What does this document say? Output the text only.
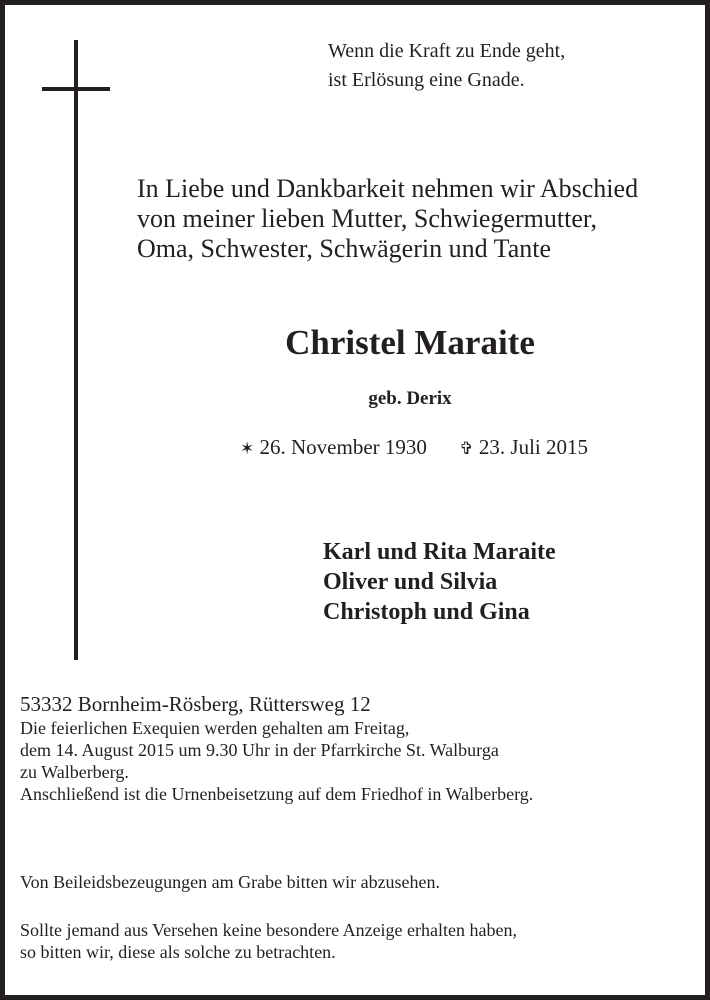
Wenn die Kraft zu Ende geht,
ist Erlösung eine Gnade.
In Liebe und Dankbarkeit nehmen wir Abschied
von meiner lieben Mutter, Schwiegermutter,
Oma, Schwester, Schwägerin und Tante
Christel Maraite
geb. Derix
✶ 26. November 1930 ✞ 23. Juli 2015
Karl und Rita Maraite
Oliver und Silvia
Christoph und Gina
53332 Bornheim-Rösberg, Rüttersweg 12
Die feierlichen Exequien werden gehalten am Freitag,
dem 14. August 2015 um 9.30 Uhr in der Pfarrkirche St. Walburga
zu Walberberg.
Anschließend ist die Urnenbeisetzung auf dem Friedhof in Walberberg.
Von Beileidsbezeugungen am Grabe bitten wir abzusehen.
Sollte jemand aus Versehen keine besondere Anzeige erhalten haben,
so bitten wir, diese als solche zu betrachten.
